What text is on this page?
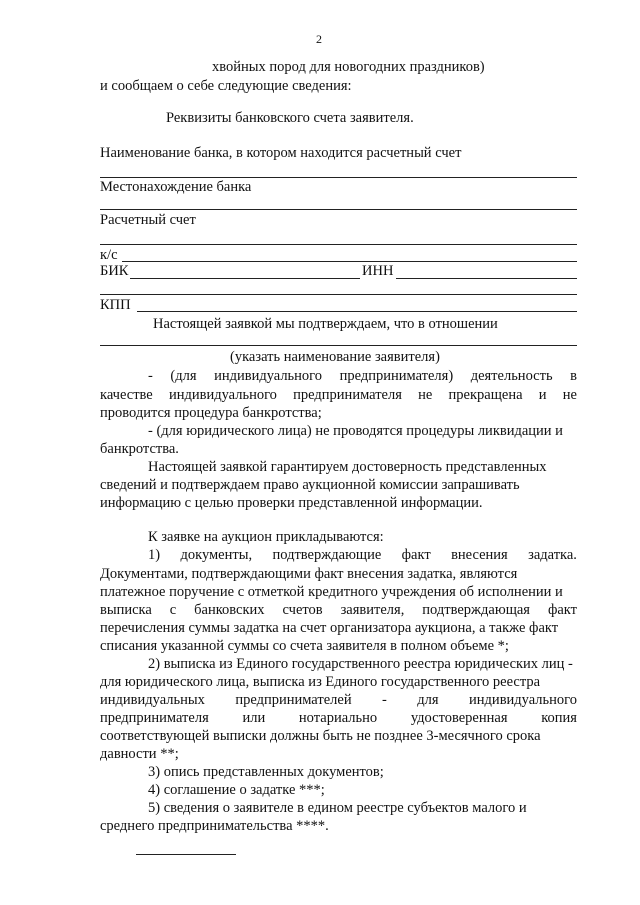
2
хвойных пород для новогодних праздников)
и сообщаем о себе следующие сведения:
Реквизиты банковского счета заявителя.
Наименование банка, в котором находится расчетный счет
Местонахождение банка
Расчетный счет
к/с
БИК	ИНН
КПП
Настоящей заявкой мы подтверждаем, что в отношении
(указать наименование заявителя)
- (для индивидуального предпринимателя) деятельность в
качестве индивидуального предпринимателя не прекращена и не
проводится процедура банкротства;
- (для юридического лица) не проводятся процедуры ликвидации и
банкротства.
Настоящей заявкой гарантируем достоверность представленных
сведений и подтверждаем право аукционной комиссии запрашивать
информацию с целью проверки представленной информации.
К заявке на аукцион прикладываются:
1) документы, подтверждающие факт внесения задатка.
Документами, подтверждающими факт внесения задатка, являются
платежное поручение с отметкой кредитного учреждения об исполнении и
выписка с банковских счетов заявителя, подтверждающая факт
перечисления суммы задатка на счет организатора аукциона, а также факт
списания указанной суммы со счета заявителя в полном объеме *;
2) выписка из Единого государственного реестра юридических лиц -
для юридического лица, выписка из Единого государственного реестра
индивидуальных предпринимателей - для индивидуального
предпринимателя или нотариально удостоверенная копия
соответствующей выписки должны быть не позднее 3-месячного срока
давности **;
3) опись представленных документов;
4) соглашение о задатке ***;
5) сведения о заявителе в едином реестре субъектов малого и
среднего предпринимательства ****.
